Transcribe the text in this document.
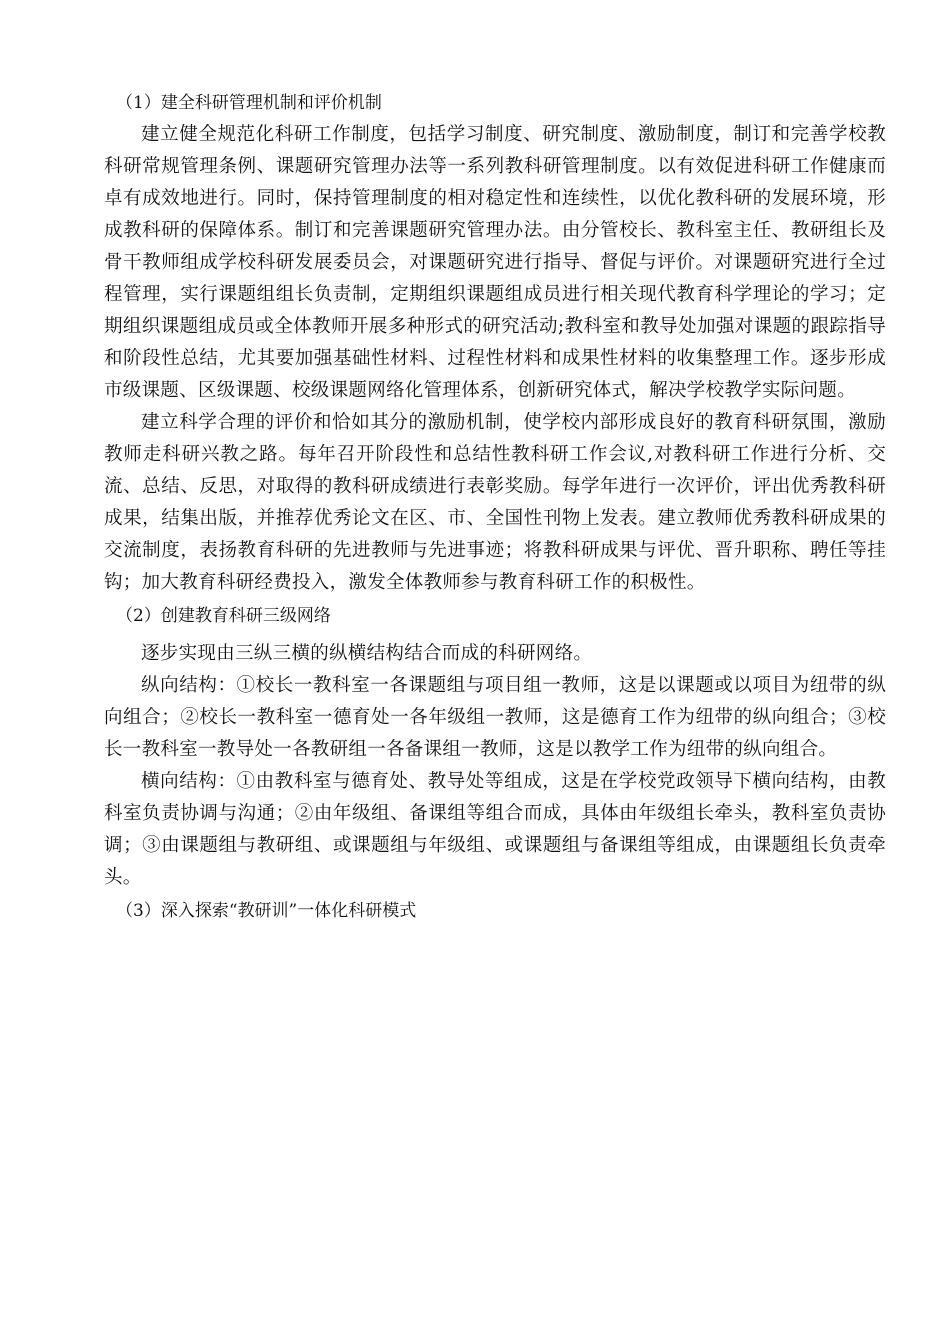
（1）建全科研管理机制和评价机制

建立健全规范化科研工作制度，包括学习制度、研究制度、激励制度，制订和完善学校教科研常规管理条例、课题研究管理办法等一系列教科研管理制度。以有效促进科研工作健康而卓有成效地进行。同时，保持管理制度的相对稳定性和连续性，以优化教科研的发展环境，形成教科研的保障体系。制订和完善课题研究管理办法。由分管校长、教科室主任、教研组长及骨干教师组成学校科研发展委员会，对课题研究进行指导、督促与评价。对课题研究进行全过程管理，实行课题组组长负责制，定期组织课题组成员进行相关现代教育科学理论的学习；定期组织课题组成员或全体教师开展多种形式的研究活动;教科室和教导处加强对课题的跟踪指导和阶段性总结，尤其要加强基础性材料、过程性材料和成果性材料的收集整理工作。逐步形成市级课题、区级课题、校级课题网络化管理体系，创新研究体式，解决学校教学实际问题。

建立科学合理的评价和恰如其分的激励机制，使学校内部形成良好的教育科研氛围，激励教师走科研兴教之路。每年召开阶段性和总结性教科研工作会议,对教科研工作进行分析、交流、总结、反思，对取得的教科研成绩进行表彰奖励。每学年进行一次评价，评出优秀教科研成果，结集出版，并推荐优秀论文在区、市、全国性刊物上发表。建立教师优秀教科研成果的交流制度，表扬教育科研的先进教师与先进事迹；将教科研成果与评优、晋升职称、聘任等挂钩；加大教育科研经费投入，激发全体教师参与教育科研工作的积极性。

（2）创建教育科研三级网络

逐步实现由三纵三横的纵横结构结合而成的科研网络。

纵向结构：①校长一教科室一各课题组与项目组一教师，这是以课题或以项目为纽带的纵向组合；②校长一教科室一德育处一各年级组一教师，这是德育工作为纽带的纵向组合；③校长一教科室一教导处一各教研组一各备课组一教师，这是以教学工作为纽带的纵向组合。

横向结构：①由教科室与德育处、教导处等组成，这是在学校党政领导下横向结构，由教科室负责协调与沟通；②由年级组、备课组等组合而成，具体由年级组长牵头，教科室负责协调；③由课题组与教研组、或课题组与年级组、或课题组与备课组等组成，由课题组长负责牵头。

（3）深入探索“教研训”一体化科研模式
